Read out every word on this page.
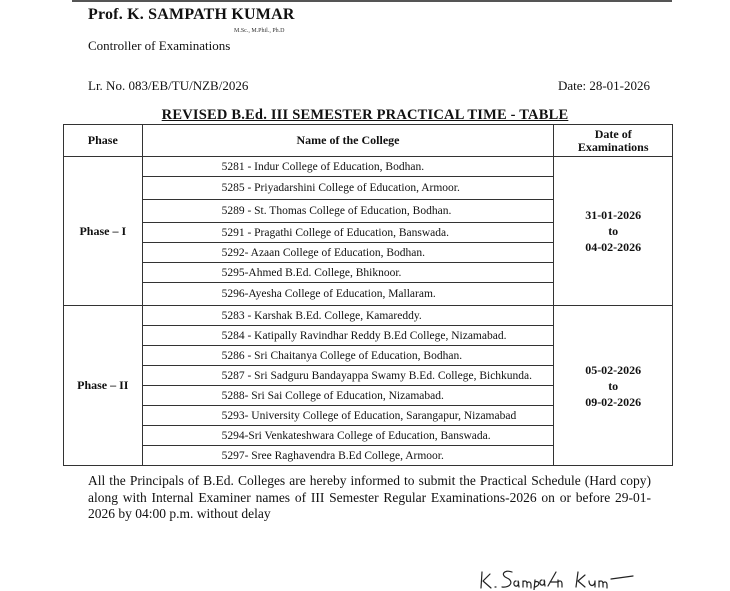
Prof. K. SAMPATH KUMAR
M.Sc., M.Phil., Ph.D
Controller of Examinations
Lr. No. 083/EB/TU/NZB/2026	Date: 28-01-2026
REVISED B.Ed. III SEMESTER PRACTICAL TIME - TABLE
Phase	Name of the College	Date of
Examinations
Phase – I	5281 - Indur College of Education, Bodhan.	31-01-2026
to
04-02-2026
	5285 - Priyadarshini College of Education, Armoor.	
	5289 - St. Thomas College of Education, Bodhan.	
	5291 - Pragathi College of Education, Banswada.	
	5292- Azaan College of Education, Bodhan.	
	5295-Ahmed B.Ed. College, Bhiknoor.	
	5296-Ayesha College of Education, Mallaram.	
Phase – II	5283 - Karshak B.Ed. College, Kamareddy.	05-02-2026
to
09-02-2026
	5284 - Katipally Ravindhar Reddy B.Ed College, Nizamabad.	
	5286 - Sri Chaitanya College of Education, Bodhan.	
	5287 - Sri Sadguru Bandayappa Swamy B.Ed. College, Bichkunda.	
	5288- Sri Sai College of Education, Nizamabad.	
	5293- University College of Education, Sarangapur, Nizamabad	
	5294-Sri Venkateshwara College of Education, Banswada.	
	5297- Sree Raghavendra B.Ed College, Armoor.	
All the Principals of B.Ed. Colleges are hereby informed to submit the Practical Schedule (Hard copy) along with Internal Examiner names of III Semester Regular Examinations-2026 on or before 29-01-2026 by 04:00 p.m. without delay
